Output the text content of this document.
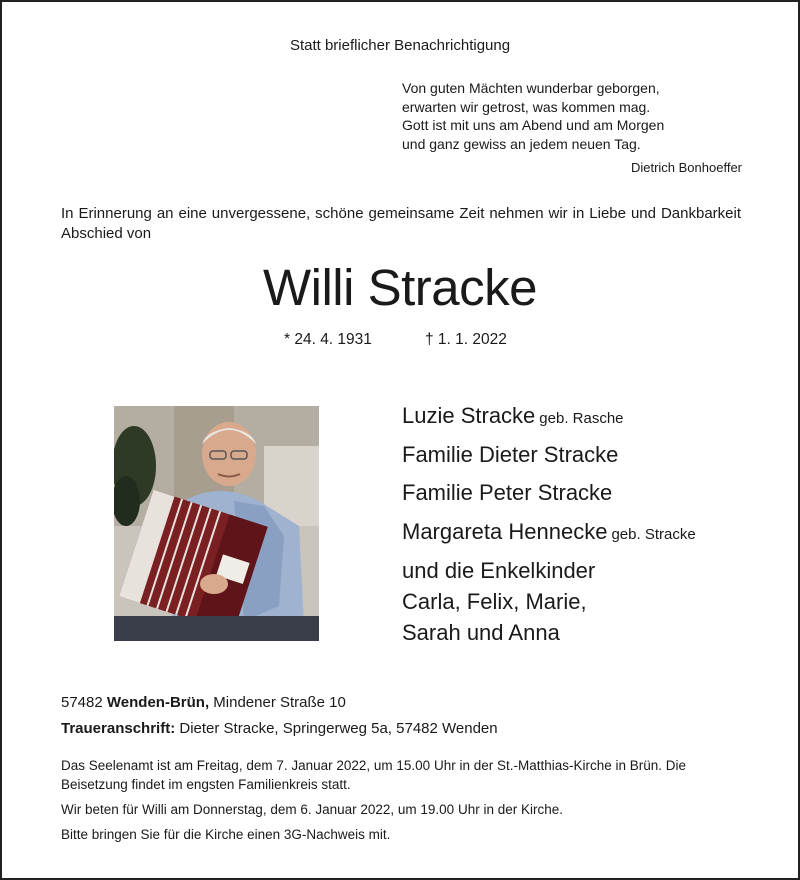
Statt brieflicher Benachrichtigung
Von guten Mächten wunderbar geborgen,
erwarten wir getrost, was kommen mag.
Gott ist mit uns am Abend und am Morgen
und ganz gewiss an jedem neuen Tag.
Dietrich Bonhoeffer
In Erinnerung an eine unvergessene, schöne gemeinsame Zeit nehmen wir in Liebe und Dankbarkeit Abschied von
Willi Stracke
* 24. 4. 1931	† 1. 1. 2022
Luzie Stracke geb. Rasche
Familie Dieter Stracke
Familie Peter Stracke
Margareta Hennecke geb. Stracke
und die Enkelkinder
Carla, Felix, Marie,
Sarah und Anna
57482 Wenden-Brün, Mindener Straße 10
Traueranschrift: Dieter Stracke, Springerweg 5a, 57482 Wenden
Das Seelenamt ist am Freitag, dem 7. Januar 2022, um 15.00 Uhr in der St.-Matthias-Kirche in Brün. Die Beisetzung findet im engsten Familienkreis statt.
Wir beten für Willi am Donnerstag, dem 6. Januar 2022, um 19.00 Uhr in der Kirche.
Bitte bringen Sie für die Kirche einen 3G-Nachweis mit.
